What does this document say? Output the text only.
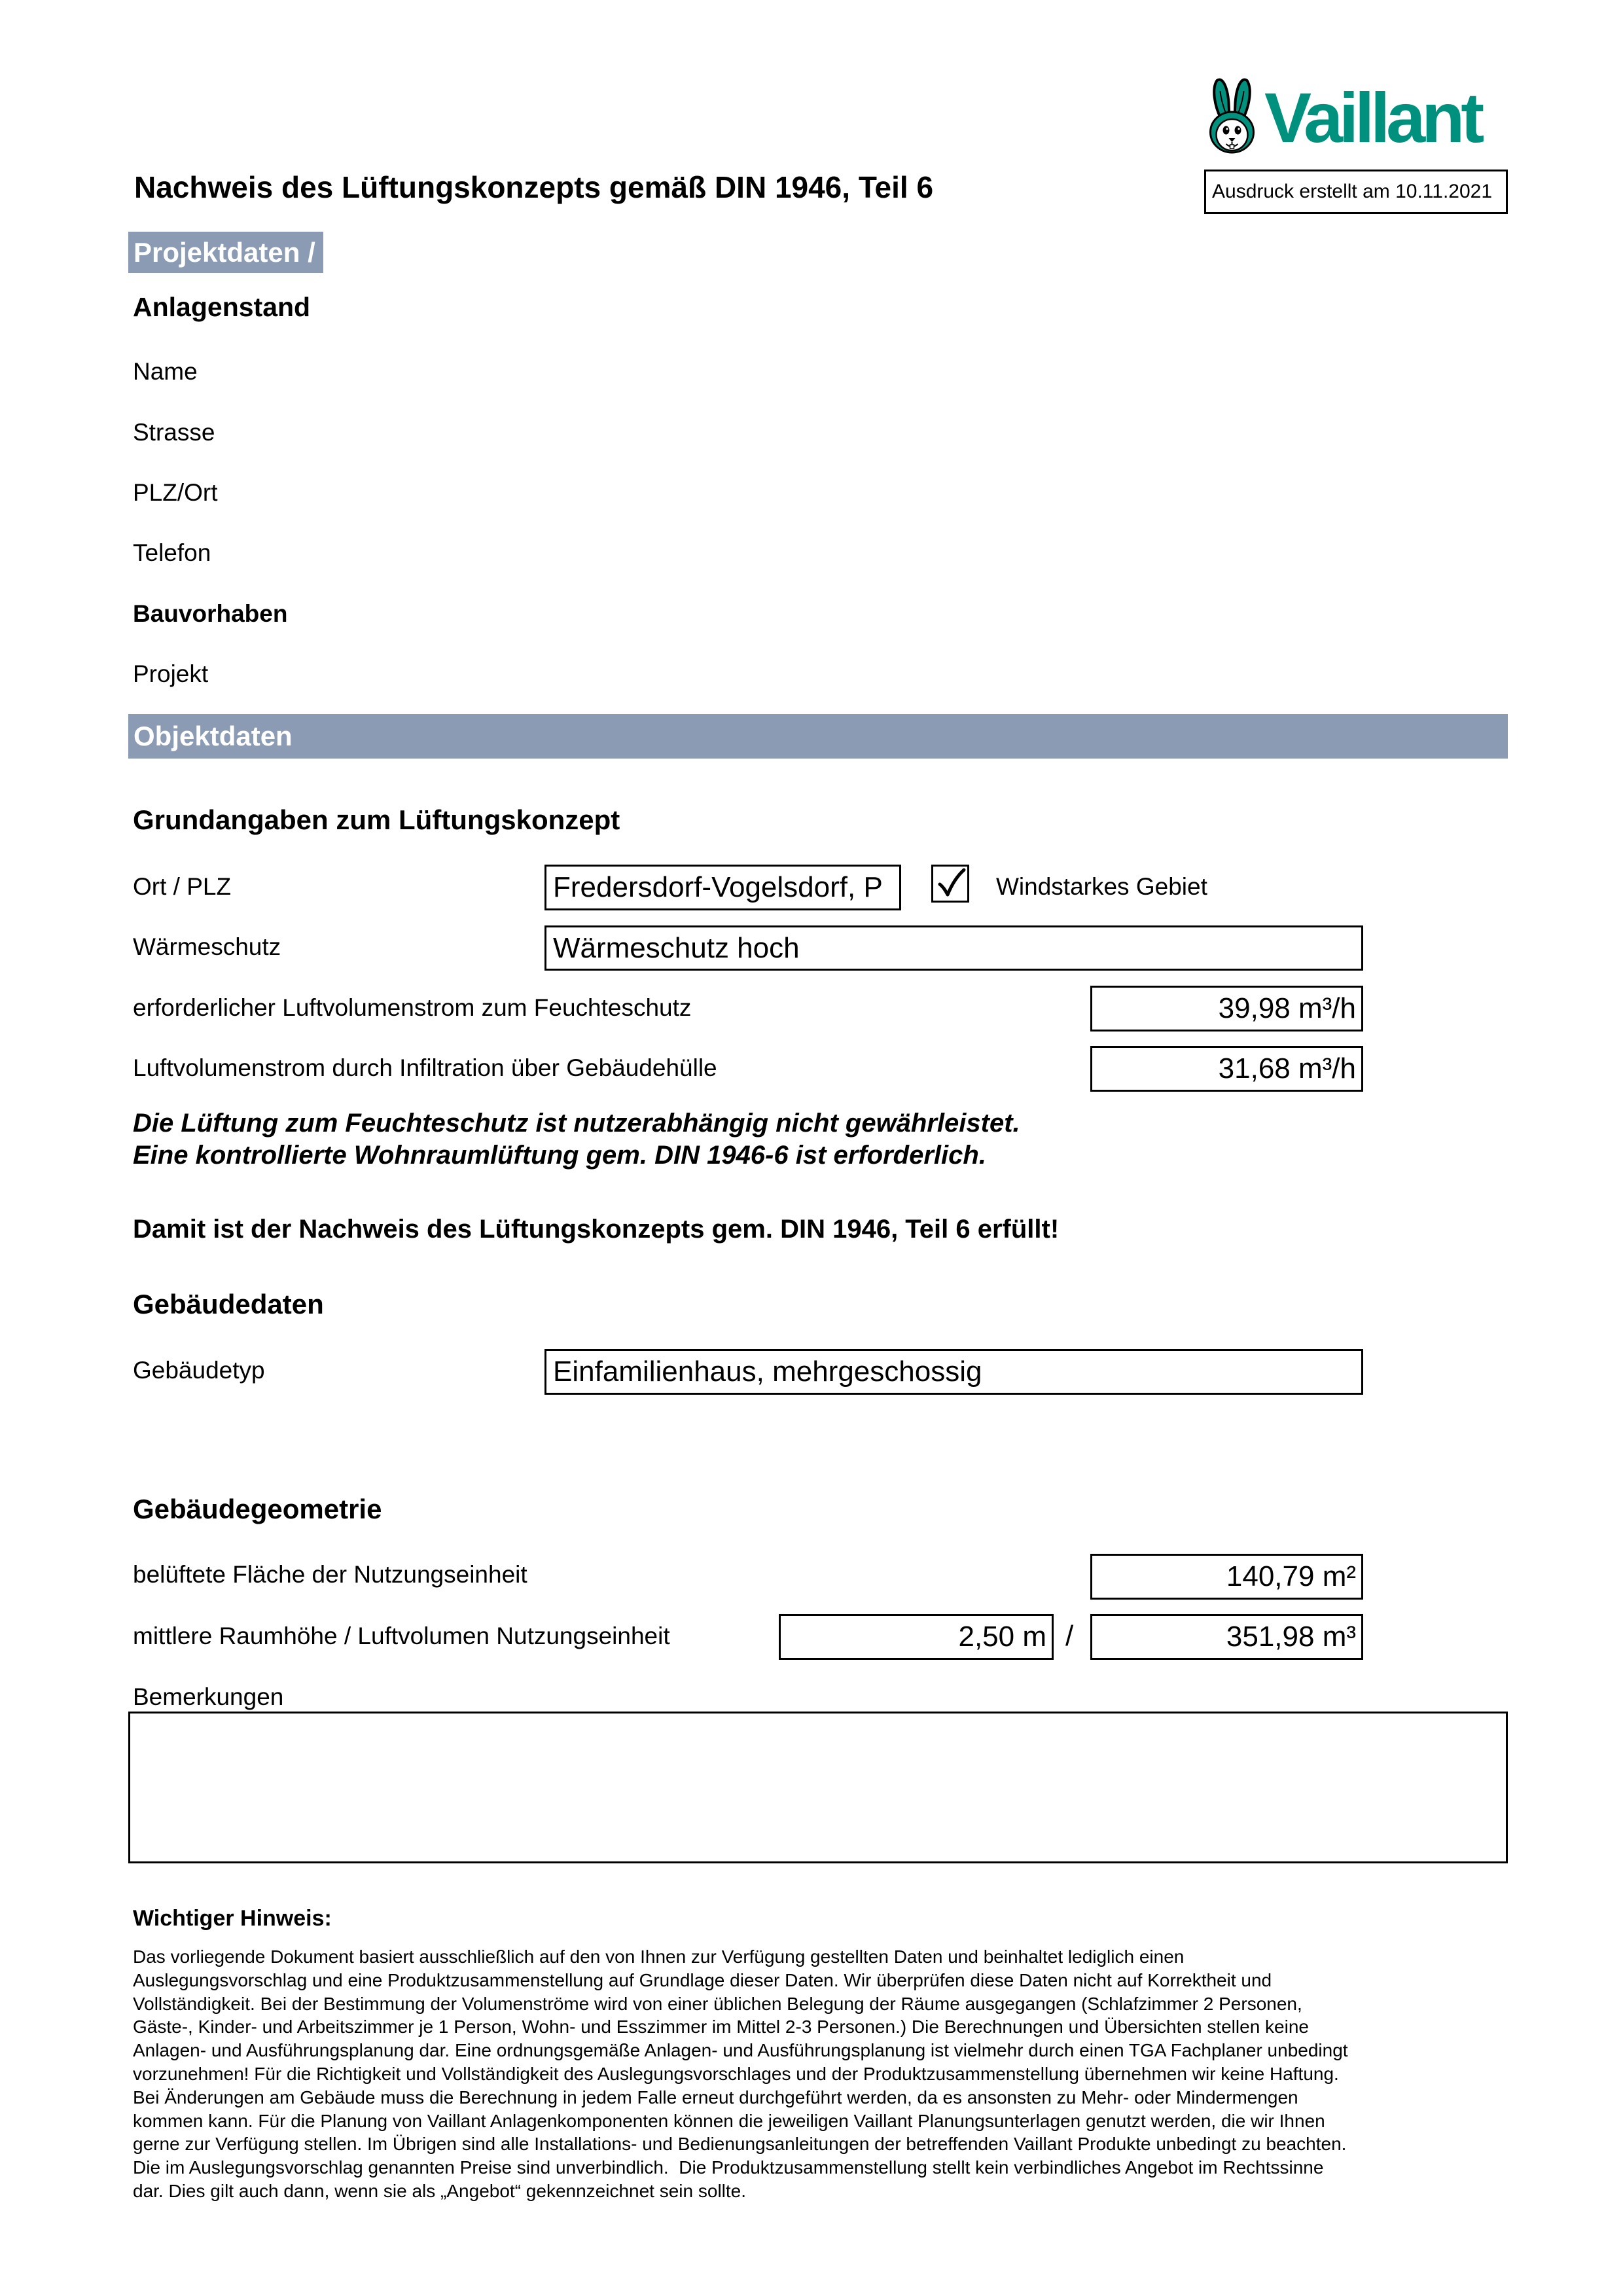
Vaillant
Nachweis des Lüftungskonzepts gemäß DIN 1946, Teil 6	Ausdruck erstellt am 10.11.2021
Projektdaten /
Anlagenstand
Name
Strasse
PLZ/Ort
Telefon
Bauvorhaben
Projekt
Objektdaten
Grundangaben zum Lüftungskonzept
Ort / PLZ	Fredersdorf-Vogelsdorf, P	Windstarkes Gebiet
Wärmeschutz	Wärmeschutz hoch
erforderlicher Luftvolumenstrom zum Feuchteschutz	39,98 m³/h
Luftvolumenstrom durch Infiltration über Gebäudehülle	31,68 m³/h
Die Lüftung zum Feuchteschutz ist nutzerabhängig nicht gewährleistet.
Eine kontrollierte Wohnraumlüftung gem. DIN 1946-6 ist erforderlich.
Damit ist der Nachweis des Lüftungskonzepts gem. DIN 1946, Teil 6 erfüllt!
Gebäudedaten
Gebäudetyp	Einfamilienhaus, mehrgeschossig
Gebäudegeometrie
belüftete Fläche der Nutzungseinheit	140,79 m²
mittlere Raumhöhe / Luftvolumen Nutzungseinheit	2,50 m /	351,98 m³
Bemerkungen
Wichtiger Hinweis:
Das vorliegende Dokument basiert ausschließlich auf den von Ihnen zur Verfügung gestellten Daten und beinhaltet lediglich einen
Auslegungsvorschlag und eine Produktzusammenstellung auf Grundlage dieser Daten. Wir überprüfen diese Daten nicht auf Korrektheit und
Vollständigkeit. Bei der Bestimmung der Volumenströme wird von einer üblichen Belegung der Räume ausgegangen (Schlafzimmer 2 Personen,
Gäste-, Kinder- und Arbeitszimmer je 1 Person, Wohn- und Esszimmer im Mittel 2-3 Personen.) Die Berechnungen und Übersichten stellen keine
Anlagen- und Ausführungsplanung dar. Eine ordnungsgemäße Anlagen- und Ausführungsplanung ist vielmehr durch einen TGA Fachplaner unbedingt
vorzunehmen! Für die Richtigkeit und Vollständigkeit des Auslegungsvorschlages und der Produktzusammenstellung übernehmen wir keine Haftung.
Bei Änderungen am Gebäude muss die Berechnung in jedem Falle erneut durchgeführt werden, da es ansonsten zu Mehr- oder Mindermengen
kommen kann. Für die Planung von Vaillant Anlagenkomponenten können die jeweiligen Vaillant Planungsunterlagen genutzt werden, die wir Ihnen
gerne zur Verfügung stellen. Im Übrigen sind alle Installations- und Bedienungsanleitungen der betreffenden Vaillant Produkte unbedingt zu beachten.
Die im Auslegungsvorschlag genannten Preise sind unverbindlich.  Die Produktzusammenstellung stellt kein verbindliches Angebot im Rechtssinne
dar. Dies gilt auch dann, wenn sie als „Angebot“ gekennzeichnet sein sollte.
